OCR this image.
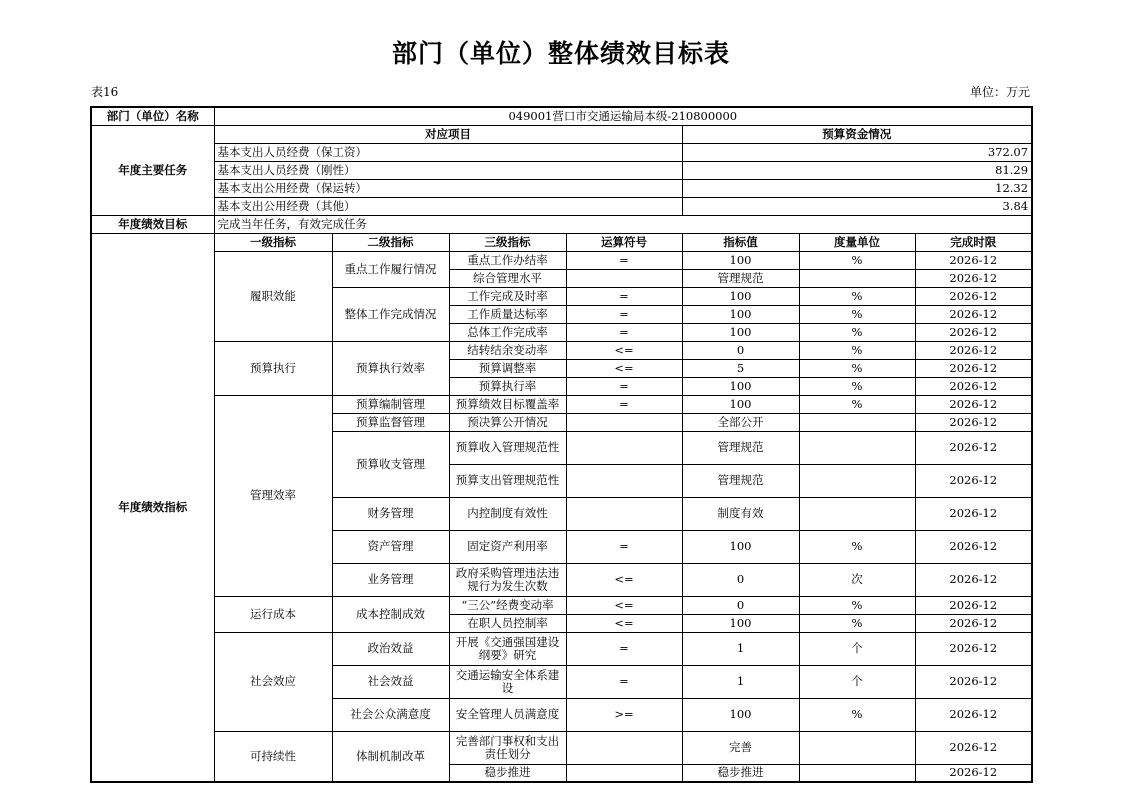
部门（单位）整体绩效目标表
表16	单位：万元
部门（单位）名称	049001营口市交通运输局本级-210800000						
年度主要任务	对应项目				预算资金情况		
	基本支出人员经费（保工资）				372.07		
	基本支出人员经费（刚性）				81.29		
	基本支出公用经费（保运转）				12.32		
	基本支出公用经费（其他）				3.84		
年度绩效目标	完成当年任务，有效完成任务						
年度绩效指标	一级指标	二级指标	三级指标	运算符号	指标值	度量单位	完成时限
	履职效能	重点工作履行情况	重点工作办结率	=	100	%	2026-12
			综合管理水平		管理规范		2026-12
		整体工作完成情况	工作完成及时率	=	100	%	2026-12
			工作质量达标率	=	100	%	2026-12
			总体工作完成率	=	100	%	2026-12
	预算执行	预算执行效率	结转结余变动率	<=	0	%	2026-12
			预算调整率	<=	5	%	2026-12
			预算执行率	=	100	%	2026-12
	管理效率	预算编制管理	预算绩效目标覆盖率	=	100	%	2026-12
		预算监督管理	预决算公开情况		全部公开		2026-12
		预算收支管理	预算收入管理规范性		管理规范		2026-12
			预算支出管理规范性		管理规范		2026-12
		财务管理	内控制度有效性		制度有效		2026-12
		资产管理	固定资产利用率	=	100	%	2026-12
		业务管理	政府采购管理违法违规行为发生次数	<=	0	次	2026-12
	运行成本	成本控制成效	“三公”经费变动率	<=	0	%	2026-12
			在职人员控制率	<=	100	%	2026-12
	社会效应	政治效益	开展《交通强国建设纲要》研究	=	1	个	2026-12
		社会效益	交通运输安全体系建设	=	1	个	2026-12
		社会公众满意度	安全管理人员满意度	>=	100	%	2026-12
	可持续性	体制机制改革	完善部门事权和支出责任划分		完善		2026-12
			稳步推进		稳步推进		2026-12
